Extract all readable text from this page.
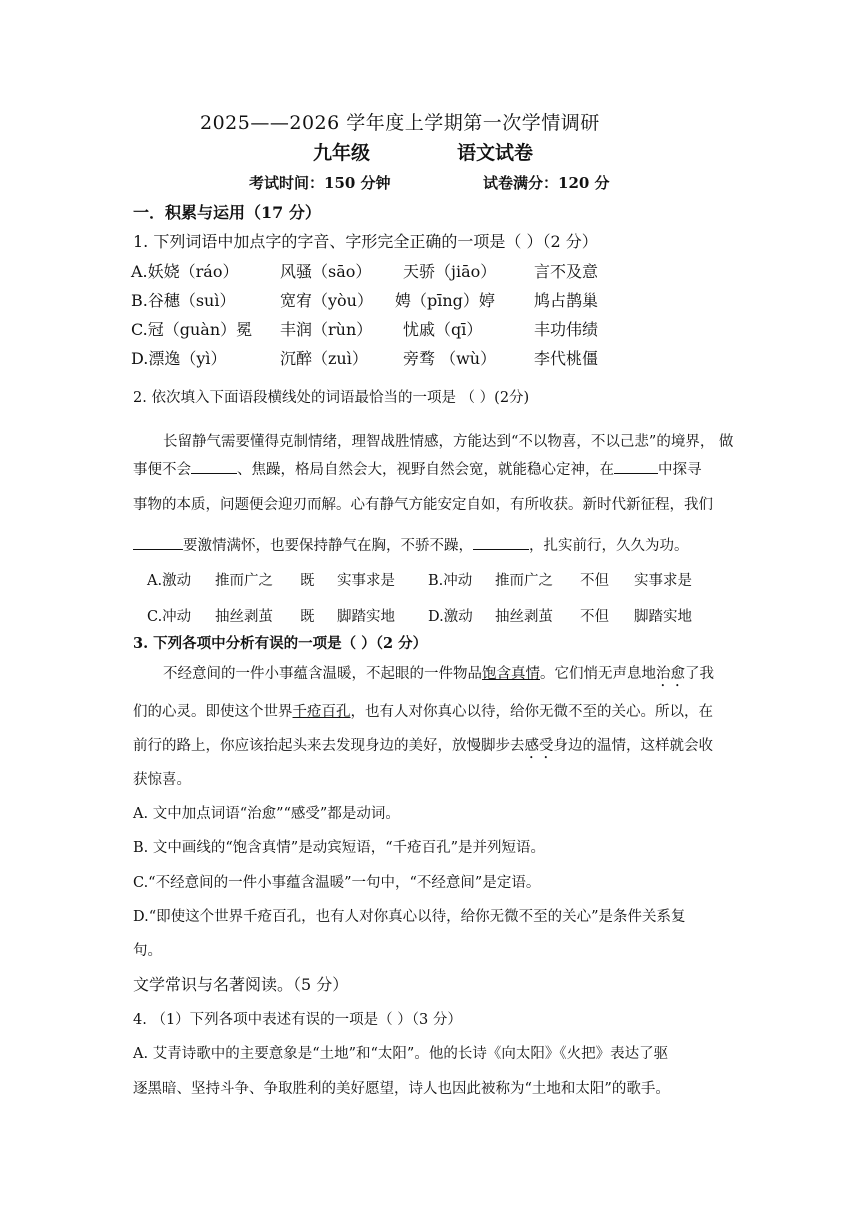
2025——2026 学年度上学期第一次学情调研
九年级	语文试卷
考试时间：150 分钟	试卷满分：120 分
一．积累与运用（17 分）
1. 下列词语中加点字的字音、字形完全正确的一项是（ ）（2 分）
A.妖娆（ráo）	风骚（sāo） 天骄（jiāo） 言不及意
B.谷穗（suì）	宽宥（yòu） 娉（pīng）婷 鸠占鹊巢
C.冠（guàn）冕 丰润（rùn） 忧戚（qī）	丰功伟绩
D.漂逸（yì）	沉醉（zuì） 旁骛 （wù） 李代桃僵
2. 依次填入下面语段横线处的词语最恰当的一项是 （ ）(2分)
长留静气需要懂得克制情绪，理智战胜情感，方能达到“不以物喜，不以己悲”的境界， 做
事便不会	、焦躁，格局自然会大，视野自然会宽，就能稳心定神，在	中探寻
事物的本质，问题便会迎刃而解。心有静气方能安定自如，有所收获。新时代新征程，我们
要激情满怀，也要保持静气在胸，不骄不躁，	，扎实前行，久久为功。
A.激动 推而广之 既 实事求是 B.冲动 推而广之 不但 实事求是
C.冲动 抽丝剥茧 既 脚踏实地 D.激动 抽丝剥茧 不但 脚踏实地
3. 下列各项中分析有误的一项是（ ）（2 分）
不经意间的一件小事蕴含温暖，不起眼的一件物品饱含真情。它们悄无声息地治愈了我
们的心灵。即使这个世界千疮百孔，也有人对你真心以待，给你无微不至的关心。所以，在
前行的路上，你应该抬起头来去发现身边的美好，放慢脚步去感受身边的温情，这样就会收
获惊喜。
A. 文中加点词语“治愈”“感受”都是动词。
B. 文中画线的“饱含真情”是动宾短语，“千疮百孔”是并列短语。
C.“不经意间的一件小事蕴含温暖”一句中，“不经意间”是定语。
D.“即使这个世界千疮百孔，也有人对你真心以待，给你无微不至的关心”是条件关系复
句。
文学常识与名著阅读。（5 分）
4. （1）下列各项中表述有误的一项是（ ）（3 分）
A. 艾青诗歌中的主要意象是“土地”和“太阳”。他的长诗《向太阳》《火把》表达了驱
逐黑暗、坚持斗争、争取胜利的美好愿望，诗人也因此被称为“土地和太阳”的歌手。
